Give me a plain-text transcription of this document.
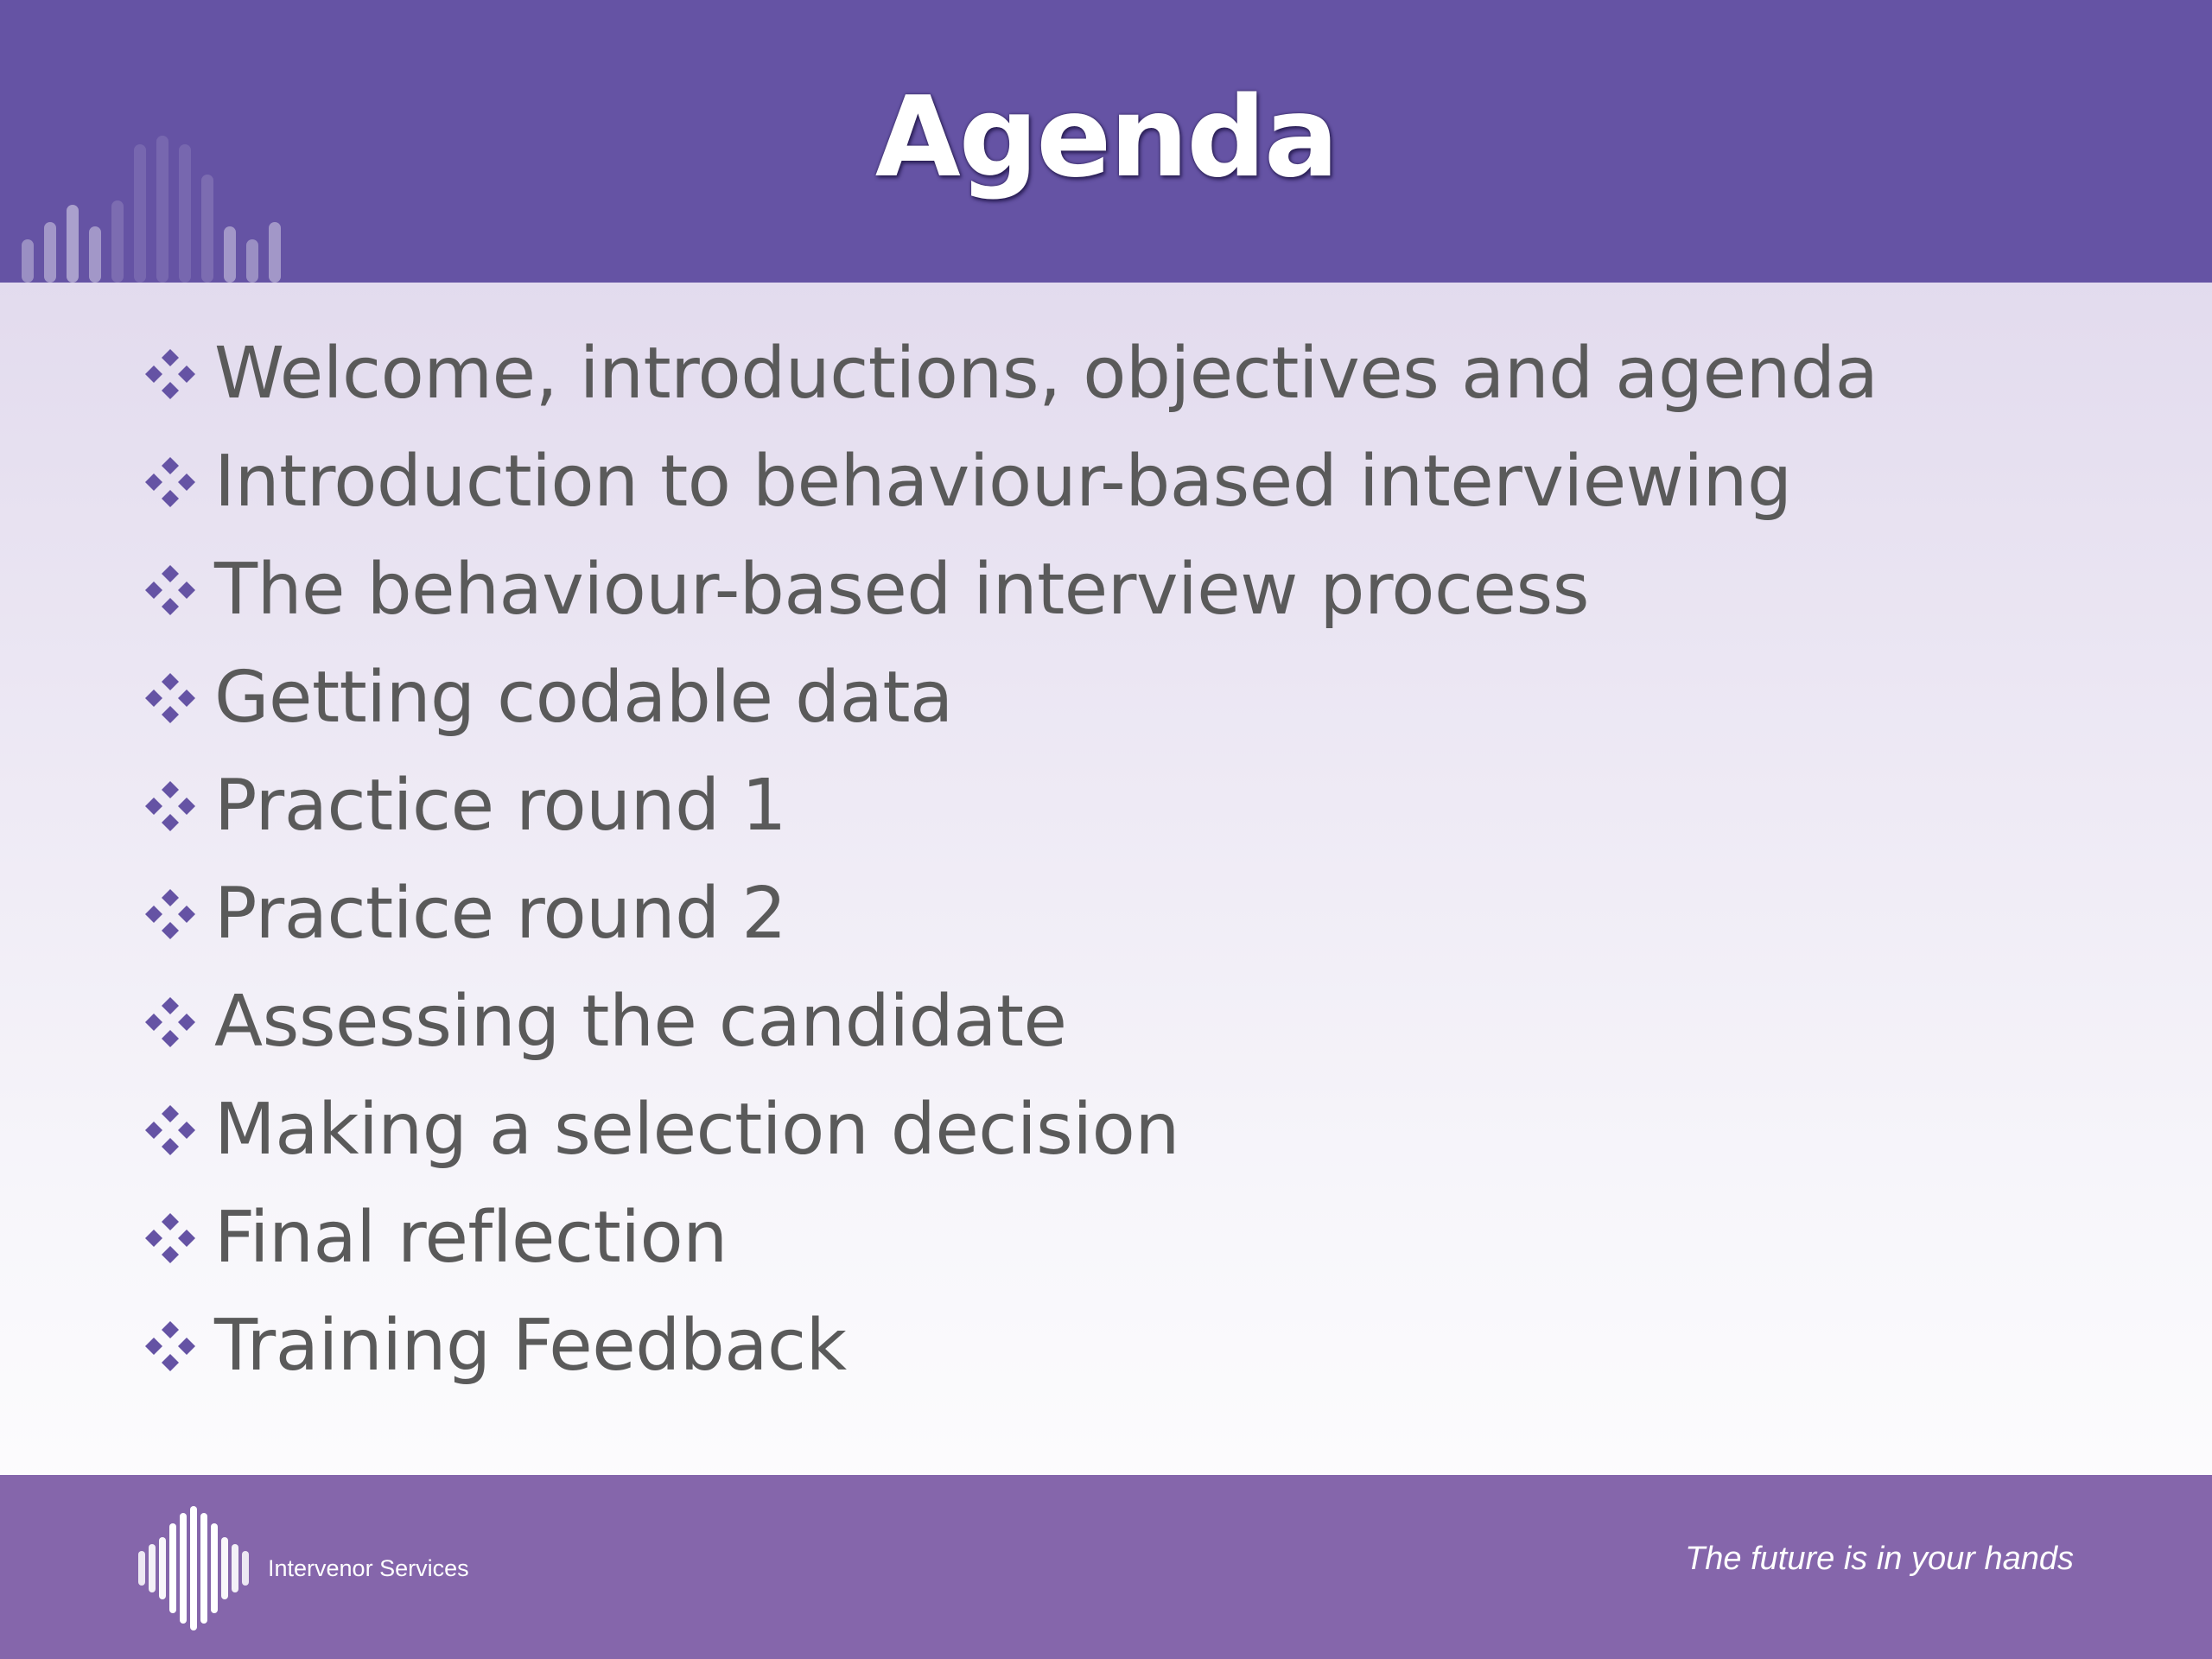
Agenda
Welcome, introductions, objectives and agenda
Introduction to behaviour-based interviewing
The behaviour-based interview process
Getting codable data
Practice round 1
Practice round 2
Assessing the candidate
Making a selection decision
Final reflection
Training Feedback
Intervenor Services	The future is in your hands
